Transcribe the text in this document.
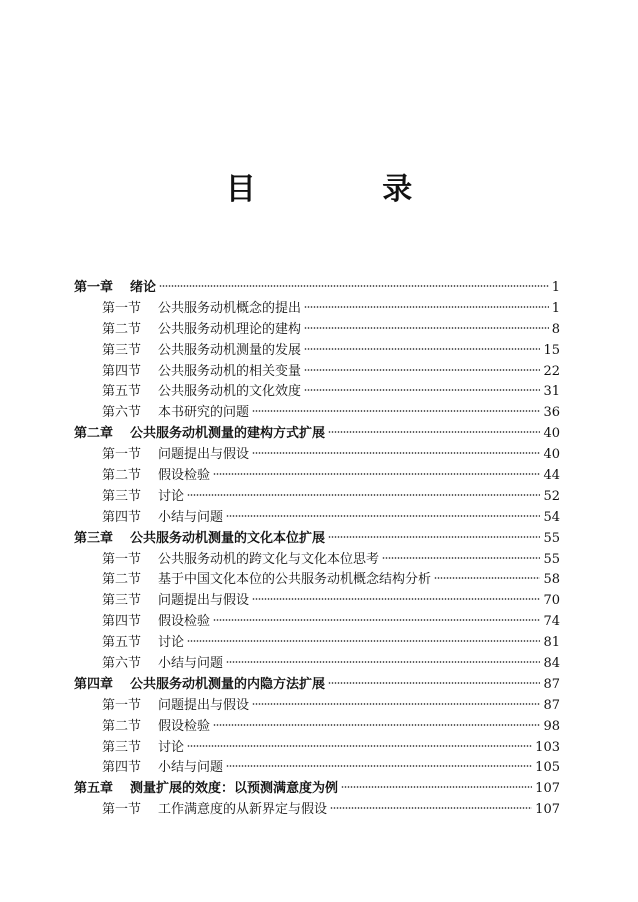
目 录
第一章	绪论	1
第一节	公共服务动机概念的提出	1
第二节	公共服务动机理论的建构	8
第三节	公共服务动机测量的发展	15
第四节	公共服务动机的相关变量	22
第五节	公共服务动机的文化效度	31
第六节	本书研究的问题	36
第二章	公共服务动机测量的建构方式扩展	40
第一节	问题提出与假设	40
第二节	假设检验	44
第三节	讨论	52
第四节	小结与问题	54
第三章	公共服务动机测量的文化本位扩展	55
第一节	公共服务动机的跨文化与文化本位思考	55
第二节	基于中国文化本位的公共服务动机概念结构分析	58
第三节	问题提出与假设	70
第四节	假设检验	74
第五节	讨论	81
第六节	小结与问题	84
第四章	公共服务动机测量的内隐方法扩展	87
第一节	问题提出与假设	87
第二节	假设检验	98
第三节	讨论	103
第四节	小结与问题	105
第五章	测量扩展的效度：以预测满意度为例	107
第一节	工作满意度的从新界定与假设	107
